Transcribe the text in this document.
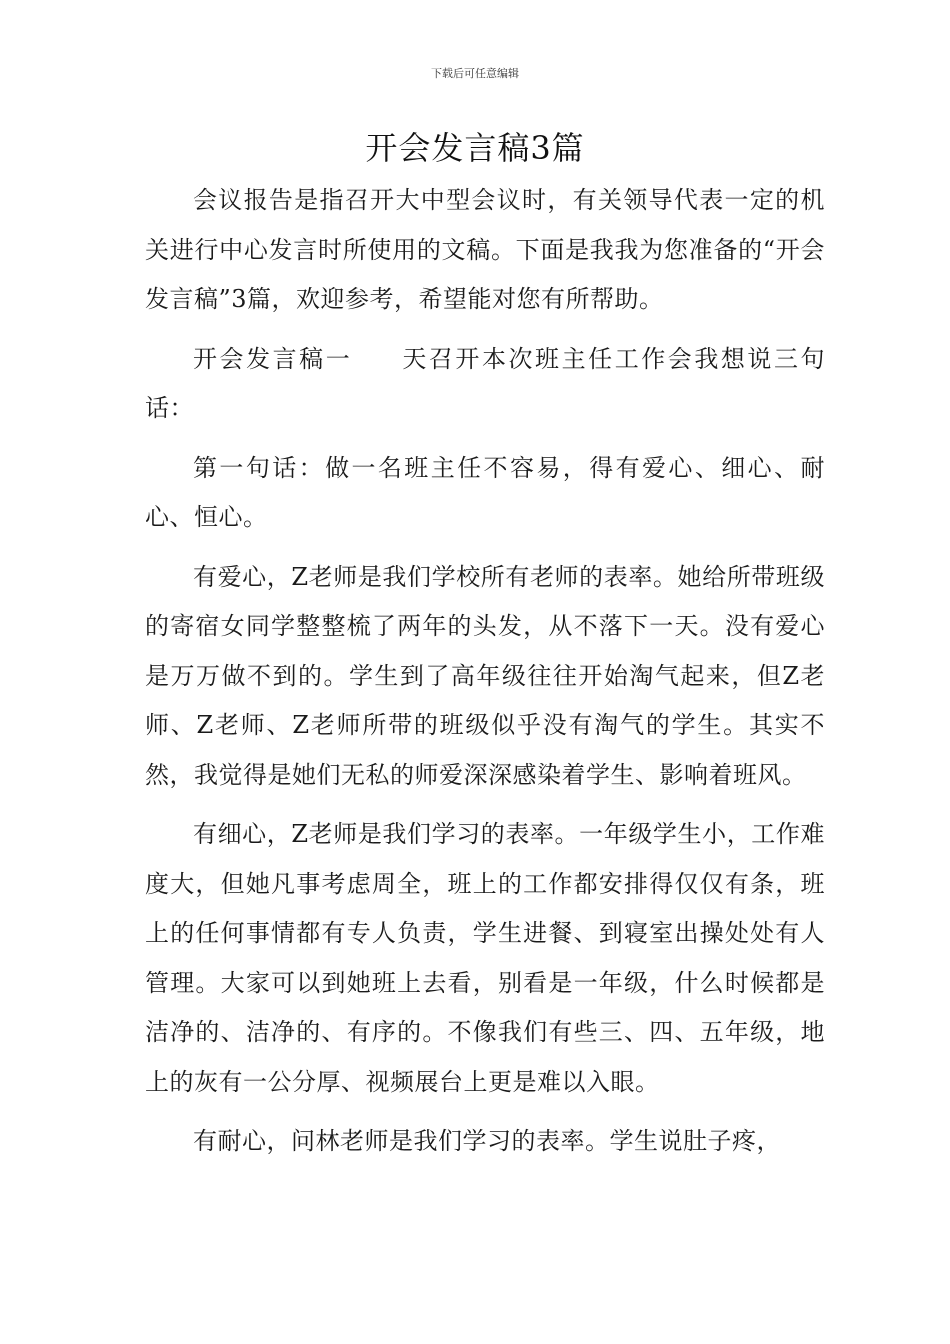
下载后可任意编辑
开会发言稿3篇

会议报告是指召开大中型会议时，有关领导代表一定的机关进行中心发言时所使用的文稿。下面是我我为您准备的“开会发言稿”3篇，欢迎参考，希望能对您有所帮助。

开会发言稿一 天召开本次班主任工作会我想说三句话：

第一句话：做一名班主任不容易，得有爱心、细心、耐心、恒心。

有爱心，Z老师是我们学校所有老师的表率。她给所带班级的寄宿女同学整整梳了两年的头发，从不落下一天。没有爱心是万万做不到的。学生到了高年级往往开始淘气起来，但Z老师、Z老师、Z老师所带的班级似乎没有淘气的学生。其实不然，我觉得是她们无私的师爱深深感染着学生、影响着班风。

有细心，Z老师是我们学习的表率。一年级学生小，工作难度大，但她凡事考虑周全，班上的工作都安排得仅仅有条，班上的任何事情都有专人负责，学生进餐、到寝室出操处处有人管理。大家可以到她班上去看，别看是一年级，什么时候都是洁净的、洁净的、有序的。不像我们有些三、四、五年级，地上的灰有一公分厚、视频展台上更是难以入眼。

有耐心，问林老师是我们学习的表率。学生说肚子疼，
